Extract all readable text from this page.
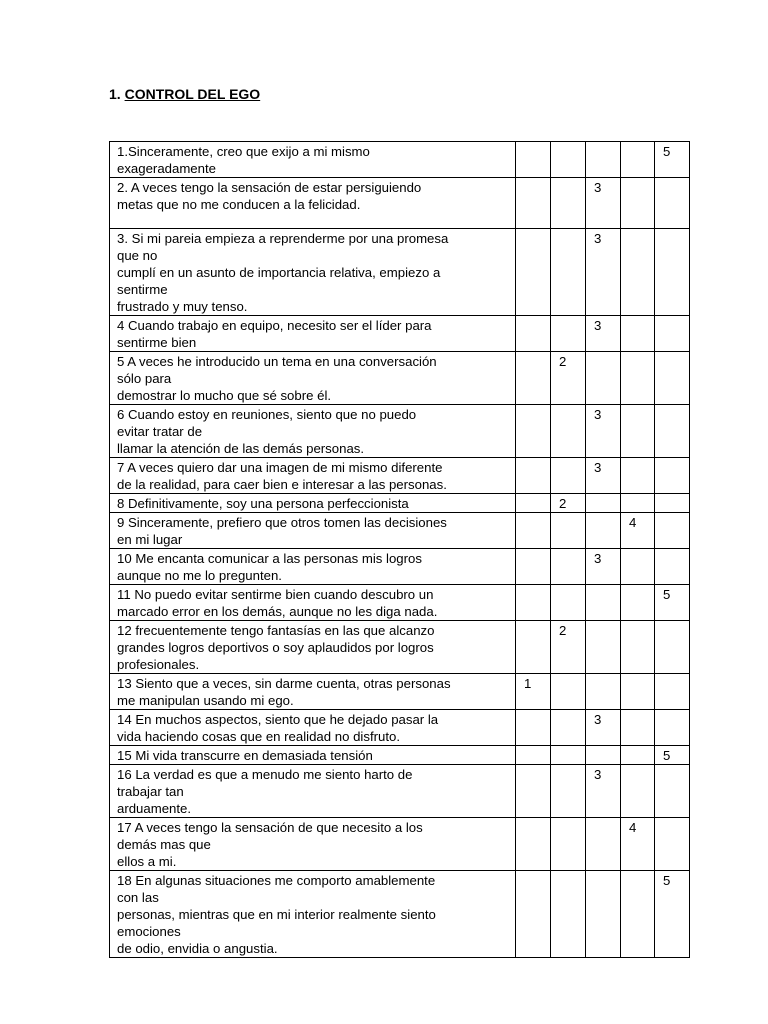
1. CONTROL DEL EGO
1.Sinceramente, creo que exijo a mi mismo
exageradamente					5
2. A veces tengo la sensación de estar persiguiendo
metas que no me conducen a la felicidad.			3		
3. Si mi pareia empieza a reprenderme por una promesa
que no
cumplí en un asunto de importancia relativa, empiezo a
sentirme
frustrado y muy tenso.			3		
4 Cuando trabajo en equipo, necesito ser el líder para
sentirme bien			3		
5 A veces he introducido un tema en una conversación
sólo para
demostrar lo mucho que sé sobre él.		2			
6 Cuando estoy en reuniones, siento que no puedo
evitar tratar de
llamar la atención de las demás personas.			3		
7 A veces quiero dar una imagen de mi mismo diferente
de la realidad, para caer bien e interesar a las personas.			3		
8 Definitivamente, soy una persona perfeccionista		2			
9 Sinceramente, prefiero que otros tomen las decisiones
en mi lugar				4	
10 Me encanta comunicar a las personas mis logros
aunque no me lo pregunten.			3		
11 No puedo evitar sentirme bien cuando descubro un
marcado error en los demás, aunque no les diga nada.					5
12 frecuentemente tengo fantasías en las que alcanzo
grandes logros deportivos o soy aplaudidos por logros
profesionales.		2			
13 Siento que a veces, sin darme cuenta, otras personas
me manipulan usando mi ego.	1				
14 En muchos aspectos, siento que he dejado pasar la
vida haciendo cosas que en realidad no disfruto.			3		
15 Mi vida transcurre en demasiada tensión					5
16 La verdad es que a menudo me siento harto de
trabajar tan
arduamente.			3		
17 A veces tengo la sensación de que necesito a los
demás mas que
ellos a mi.				4	
18 En algunas situaciones me comporto amablemente
con las
personas, mientras que en mi interior realmente siento
emociones
de odio, envidia o angustia.					5
